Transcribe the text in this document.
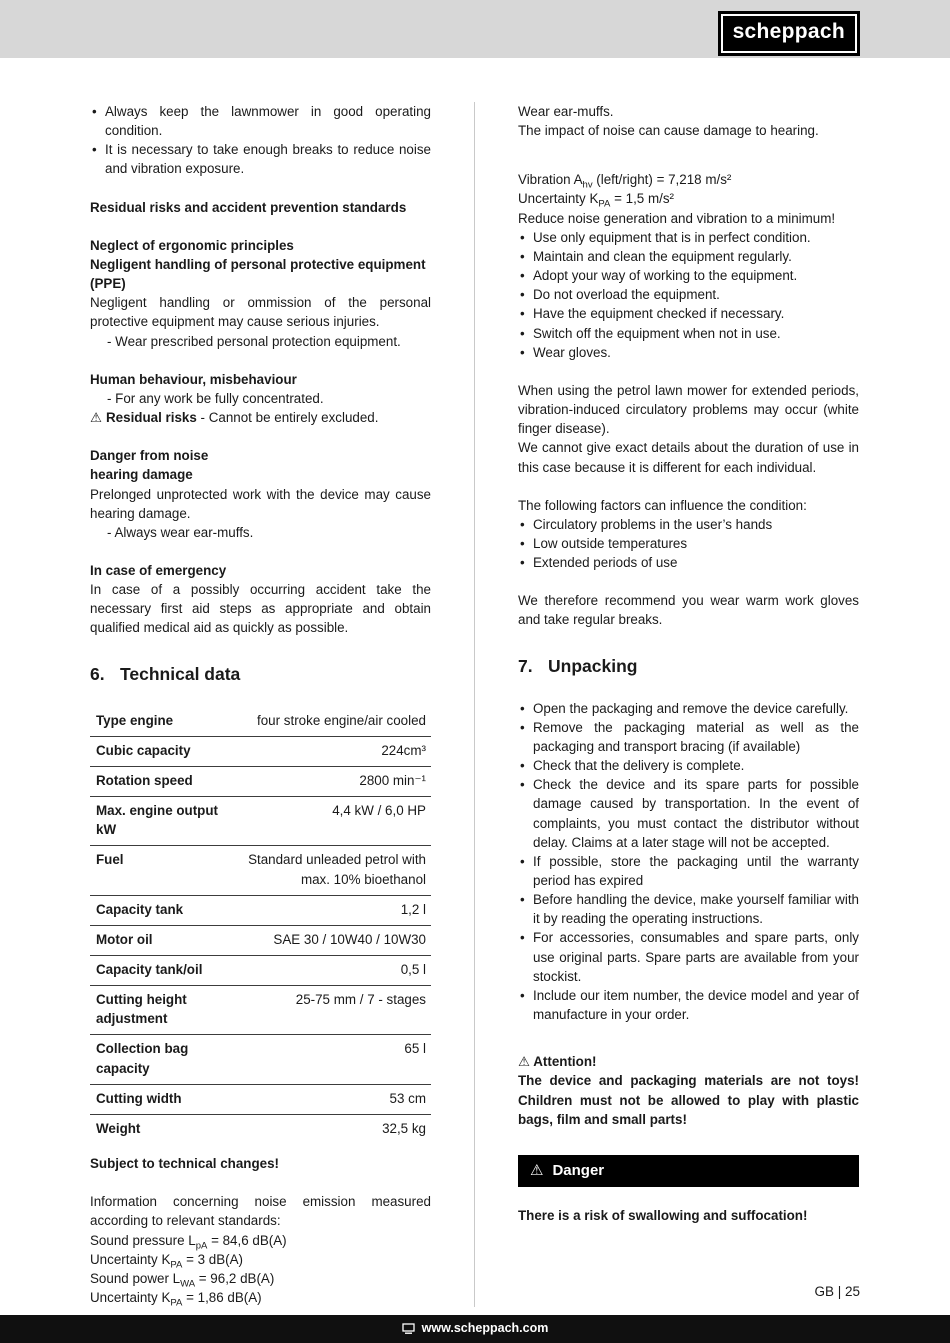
scheppach
• Always keep the lawnmower in good operating condition.
• It is necessary to take enough breaks to reduce noise and vibration exposure.

Residual risks and accident prevention standards

Neglect of ergonomic principles

Negligent handling of personal protective equipment (PPE)

Negligent handling or ommission of the personal protective equipment may cause serious injuries.

- Wear prescribed personal protection equipment.

Human behaviour, misbehaviour

- For any work be fully concentrated.

⚠ Residual risks - Cannot be entirely excluded.

Danger from noise

hearing damage

Prelonged unprotected work with the device may cause hearing damage.

- Always wear ear-muffs.

In case of emergency

In case of a possibly occurring accident take the necessary first aid steps as appropriate and obtain qualified medical aid as quickly as possible.

6. Technical data
Type engine	four stroke engine/air cooled
Cubic capacity	224cm³
Rotation speed	2800 min⁻¹
Max. engine output kW	4,4 kW / 6,0 HP
Fuel	Standard unleaded petrol with max. 10% bioethanol
Capacity tank	1,2 l
Motor oil	SAE 30 / 10W40 / 10W30
Capacity tank/oil	0,5 l
Cutting height adjustment	25-75 mm / 7 - stages
Collection bag capacity	65 l
Cutting width	53 cm
Weight	32,5 kg

Subject to technical changes!

Information concerning noise emission measured according to relevant standards:

Sound pressure $L_{pA} = 84,6$ dB(A)

Uncertainty $K_{PA} = 3$ dB(A)

Sound power $L_{WA} = 96,2$ dB(A)

Uncertainty $K_{PA} = 1,86$ dB(A)

Wear ear-muffs.

The impact of noise can cause damage to hearing.

Vibration $A_{hv}$ (left/right) = 7,218 m/s²

Uncertainty $K_{PA} = 1,5$ m/s²

Reduce noise generation and vibration to a minimum!

• Use only equipment that is in perfect condition.
• Maintain and clean the equipment regularly.
• Adopt your way of working to the equipment.
• Do not overload the equipment.
• Have the equipment checked if necessary.
• Switch off the equipment when not in use.
• Wear gloves.

When using the petrol lawn mower for extended periods, vibration-induced circulatory problems may occur (white finger disease).

We cannot give exact details about the duration of use in this case because it is different for each individual.

The following factors can influence the condition:

• Circulatory problems in the user’s hands
• Low outside temperatures
• Extended periods of use

We therefore recommend you wear warm work gloves and take regular breaks.

7. Unpacking
• Open the packaging and remove the device carefully.
• Remove the packaging material as well as the packaging and transport bracing (if available)
• Check that the delivery is complete.
• Check the device and its spare parts for possible damage caused by transportation. In the event of complaints, you must contact the distributor without delay. Claims at a later stage will not be accepted.
• If possible, store the packaging until the warranty period has expired
• Before handling the device, make yourself familiar with it by reading the operating instructions.
• For accessories, consumables and spare parts, only use original parts. Spare parts are available from your stockist.
• Include our item number, the device model and year of manufacture in your order.

⚠ Attention!

The device and packaging materials are not toys! Children must not be allowed to play with plastic bags, film and small parts!

⚠ Danger

There is a risk of swallowing and suffocation!

GB | 25
www.scheppach.com
